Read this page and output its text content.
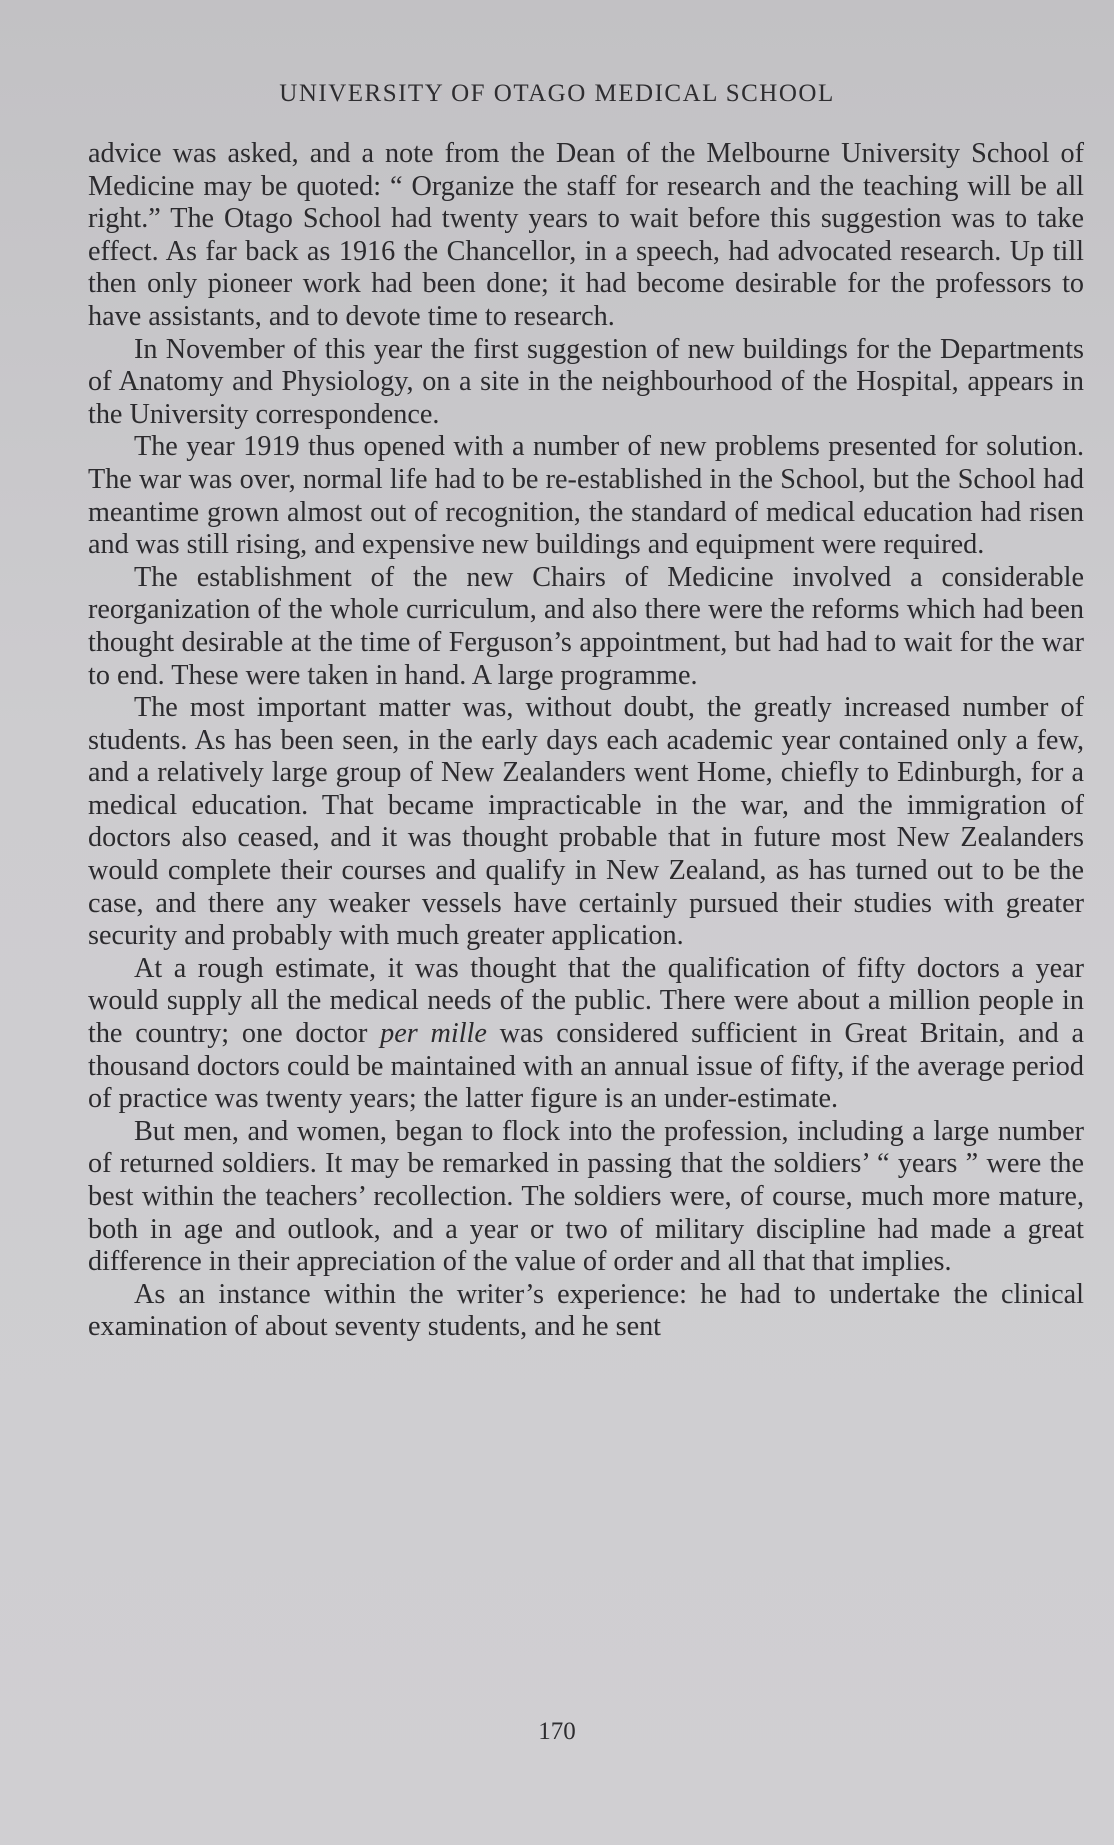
UNIVERSITY OF OTAGO MEDICAL SCHOOL

advice was asked, and a note from the Dean of the Melbourne University School of Medicine may be quoted: “ Organize the staff for research and the teaching will be all right.” The Otago School had twenty years to wait before this suggestion was to take effect. As far back as 1916 the Chancellor, in a speech, had advocated research. Up till then only pioneer work had been done; it had become desirable for the professors to have assistants, and to devote time to research.

In November of this year the first suggestion of new buildings for the Departments of Anatomy and Physiology, on a site in the neighbourhood of the Hospital, appears in the University correspondence.

The year 1919 thus opened with a number of new problems presented for solution. The war was over, normal life had to be re-established in the School, but the School had meantime grown almost out of recognition, the standard of medical education had risen and was still rising, and expensive new buildings and equipment were required.

The establishment of the new Chairs of Medicine involved a considerable reorganization of the whole curriculum, and also there were the reforms which had been thought desirable at the time of Ferguson’s appointment, but had had to wait for the war to end. These were taken in hand. A large programme.

The most important matter was, without doubt, the greatly increased number of students. As has been seen, in the early days each academic year contained only a few, and a relatively large group of New Zealanders went Home, chiefly to Edinburgh, for a medical education. That became impracticable in the war, and the immigration of doctors also ceased, and it was thought probable that in future most New Zealanders would complete their courses and qualify in New Zealand, as has turned out to be the case, and there any weaker vessels have certainly pursued their studies with greater security and probably with much greater application.

At a rough estimate, it was thought that the qualification of fifty doctors a year would supply all the medical needs of the public. There were about a million people in the country; one doctor per mille was considered sufficient in Great Britain, and a thousand doctors could be maintained with an annual issue of fifty, if the average period of practice was twenty years; the latter figure is an under-estimate.

But men, and women, began to flock into the profession, including a large number of returned soldiers. It may be remarked in passing that the soldiers’ “ years ” were the best within the teachers’ recollection. The soldiers were, of course, much more mature, both in age and outlook, and a year or two of military discipline had made a great difference in their appreciation of the value of order and all that that implies.

As an instance within the writer’s experience: he had to undertake the clinical examination of about seventy students, and he sent

170
